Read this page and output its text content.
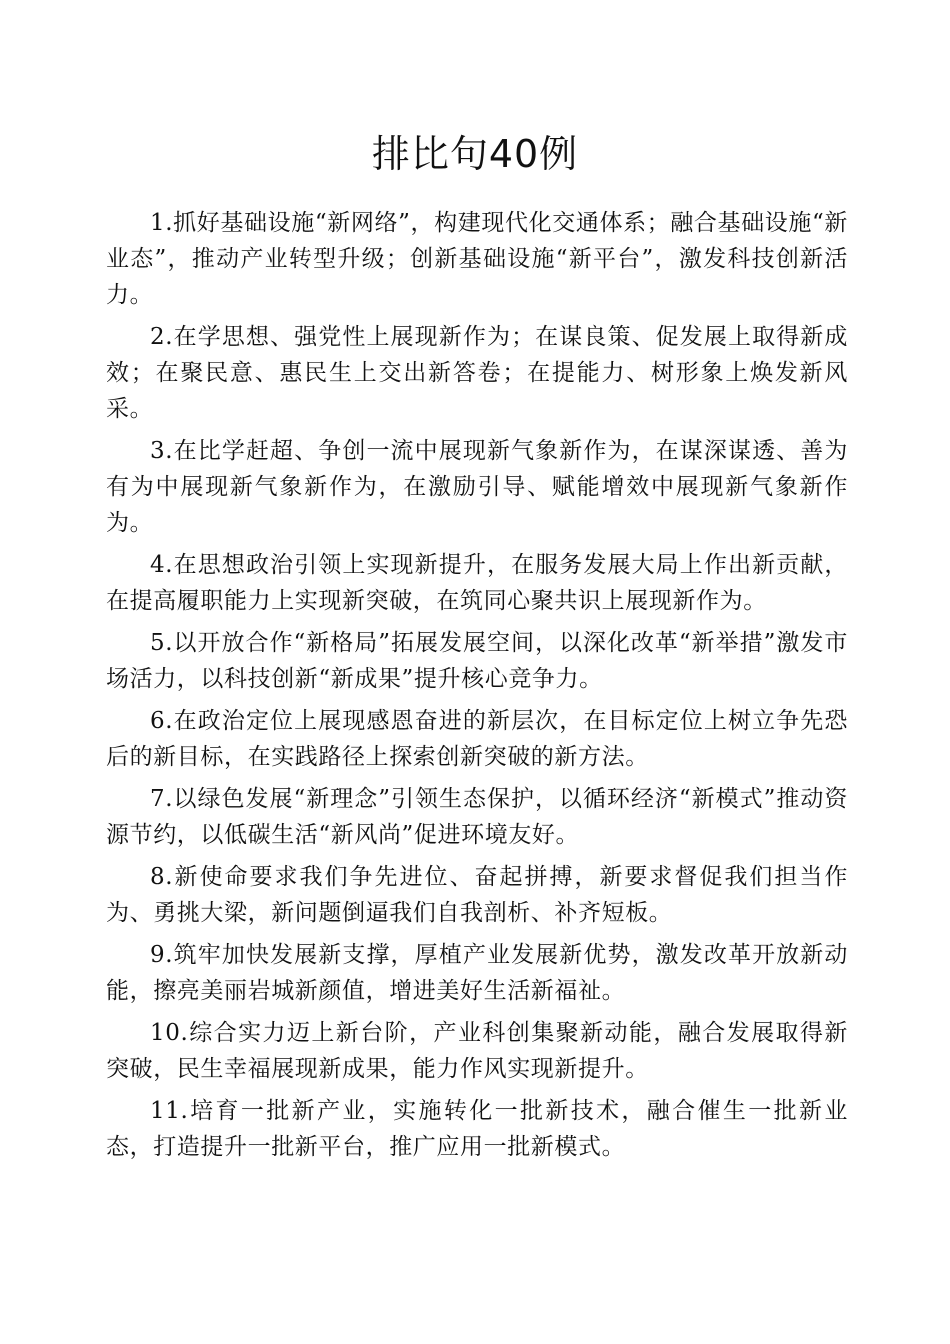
排比句40例

1.抓好基础设施“新网络”，构建现代化交通体系；融合基础设施“新业态”，推动产业转型升级；创新基础设施“新平台”，激发科技创新活力。

2.在学思想、强党性上展现新作为；在谋良策、促发展上取得新成效；在聚民意、惠民生上交出新答卷；在提能力、树形象上焕发新风采。

3.在比学赶超、争创一流中展现新气象新作为，在谋深谋透、善为有为中展现新气象新作为，在激励引导、赋能增效中展现新气象新作为。

4.在思想政治引领上实现新提升，在服务发展大局上作出新贡献，在提高履职能力上实现新突破，在筑同心聚共识上展现新作为。

5.以开放合作“新格局”拓展发展空间，以深化改革“新举措”激发市场活力，以科技创新“新成果”提升核心竞争力。

6.在政治定位上展现感恩奋进的新层次，在目标定位上树立争先恐后的新目标，在实践路径上探索创新突破的新方法。

7.以绿色发展“新理念”引领生态保护，以循环经济“新模式”推动资源节约，以低碳生活“新风尚”促进环境友好。

8.新使命要求我们争先进位、奋起拼搏，新要求督促我们担当作为、勇挑大梁，新问题倒逼我们自我剖析、补齐短板。

9.筑牢加快发展新支撑，厚植产业发展新优势，激发改革开放新动能，擦亮美丽岩城新颜值，增进美好生活新福祉。

10.综合实力迈上新台阶，产业科创集聚新动能，融合发展取得新突破，民生幸福展现新成果，能力作风实现新提升。

11.培育一批新产业，实施转化一批新技术，融合催生一批新业态，打造提升一批新平台，推广应用一批新模式。
